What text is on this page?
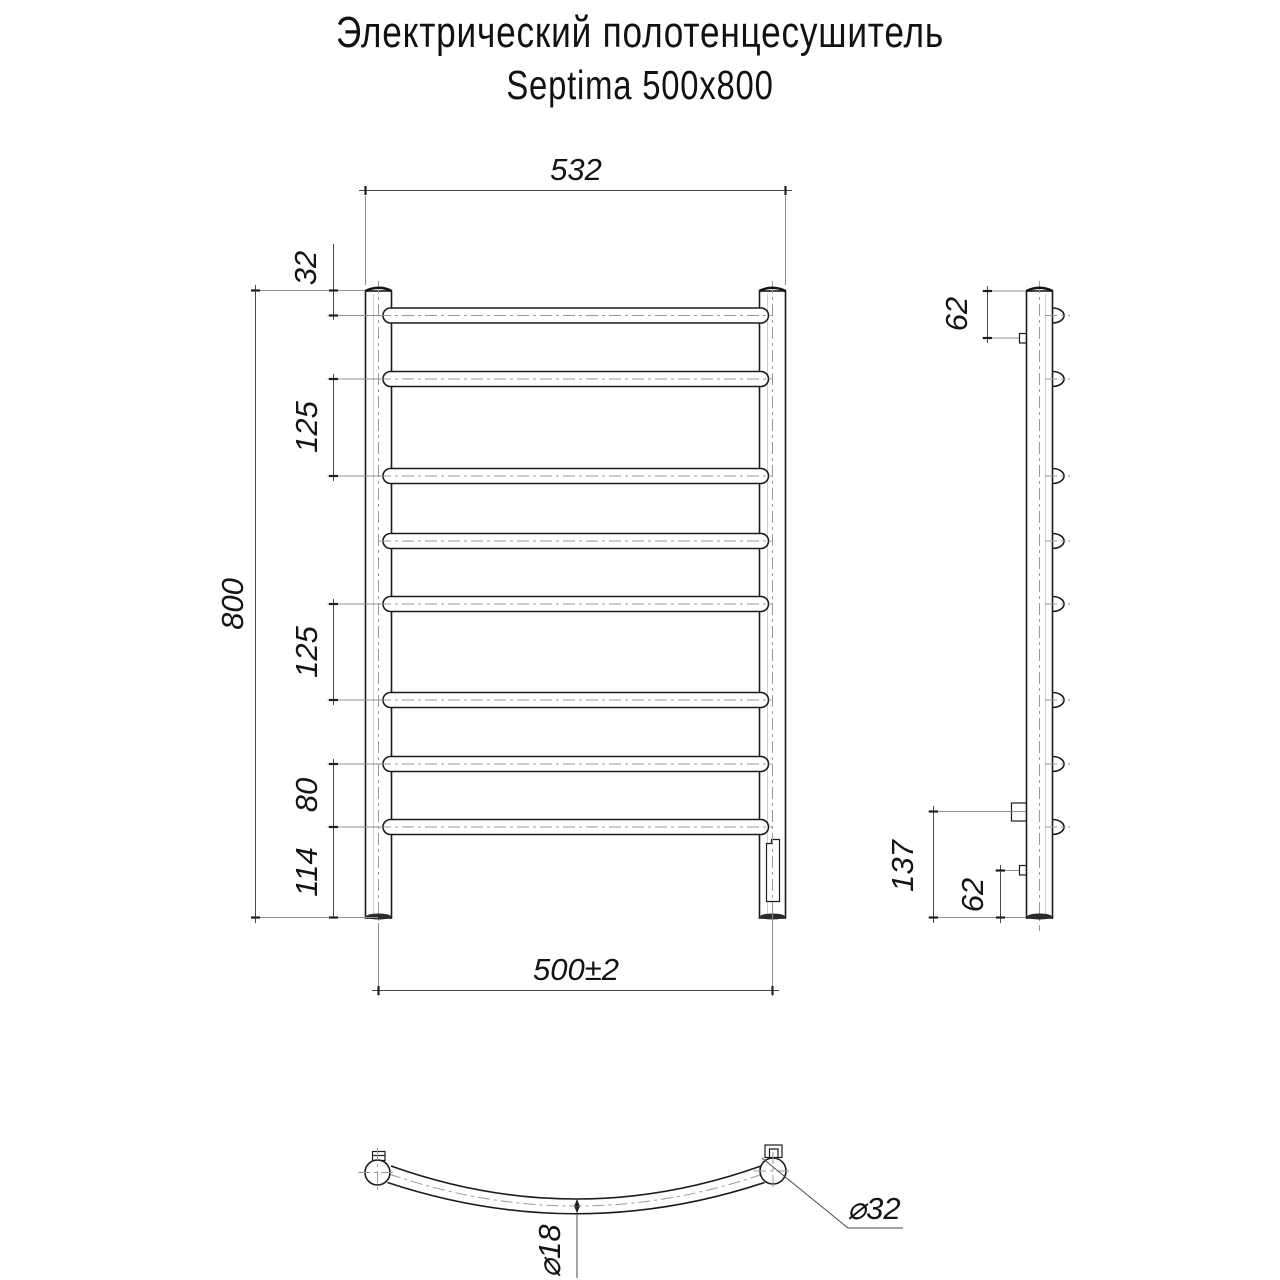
Электрический полотенцесушитель
Septima 500x800
532
500±2
800
32
125
125
80
114
62
137
62
⌀18
⌀32
